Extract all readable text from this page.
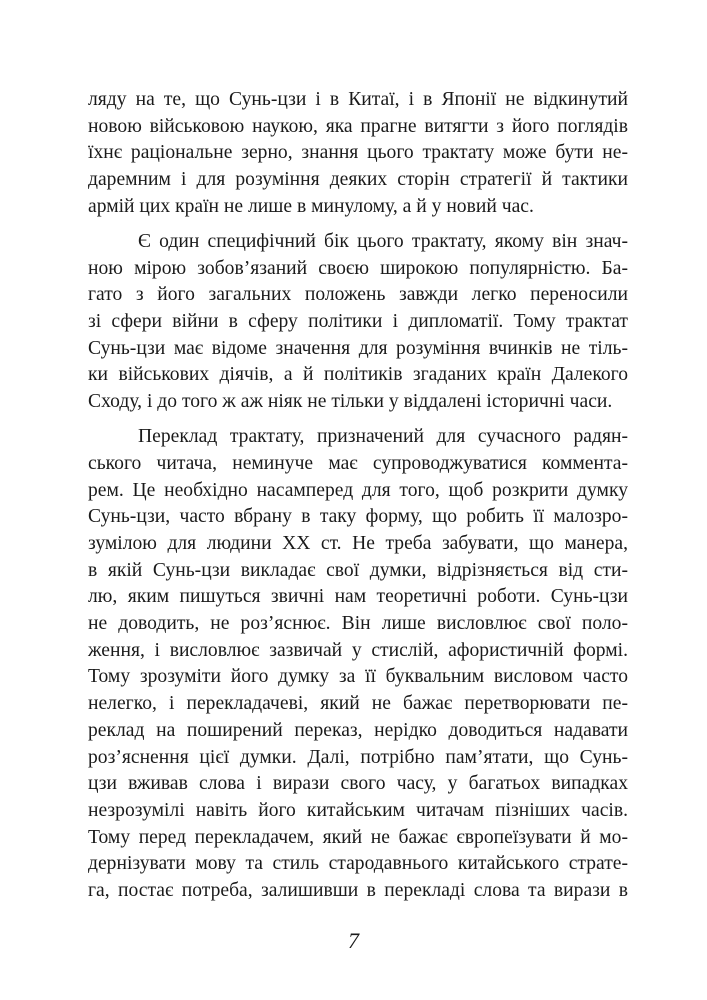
ляду на те, що Сунь-цзи і в Китаї, і в Японії не відкинутий
новою військовою наукою, яка прагне витягти з його поглядів
їхнє раціональне зерно, знання цього трактату може бути не-
даремним і для розуміння деяких сторін стратегії й тактики
армій цих країн не лише в минулому, а й у новий час.
Є один специфічний бік цього трактату, якому він знач-
ною мірою зобов’язаний своєю широкою популярністю. Ба-
гато з його загальних положень завжди легко переносили
зі сфери війни в сферу політики і дипломатії. Тому трактат
Сунь-цзи має відоме значення для розуміння вчинків не тіль-
ки військових діячів, а й політиків згаданих країн Далекого
Сходу, і до того ж аж ніяк не тільки у віддалені історичні часи.
Переклад трактату, призначений для сучасного радян-
ського читача, неминуче має супроводжуватися коммента-
рем. Це необхідно насамперед для того, щоб розкрити думку
Сунь-цзи, часто вбрану в таку форму, що робить її малозро-
зумілою для людини XX ст. Не треба забувати, що манера,
в якій Сунь-цзи викладає свої думки, відрізняється від сти-
лю, яким пишуться звичні нам теоретичні роботи. Сунь-цзи
не доводить, не роз’яснює. Він лише висловлює свої поло-
ження, і висловлює зазвичай у стислій, афористичній формі.
Тому зрозуміти його думку за її буквальним висловом часто
нелегко, і перекладачеві, який не бажає перетворювати пе-
реклад на поширений переказ, нерідко доводиться надавати
роз’яснення цієї думки. Далі, потрібно пам’ятати, що Сунь-
цзи вживав слова і вирази свого часу, у багатьох випадках
незрозумілі навіть його китайським читачам пізніших часів.
Тому перед перекладачем, який не бажає європеїзувати й мо-
дернізувати мову та стиль стародавнього китайського страте-
га, постає потреба, залишивши в перекладі слова та вирази в
7
